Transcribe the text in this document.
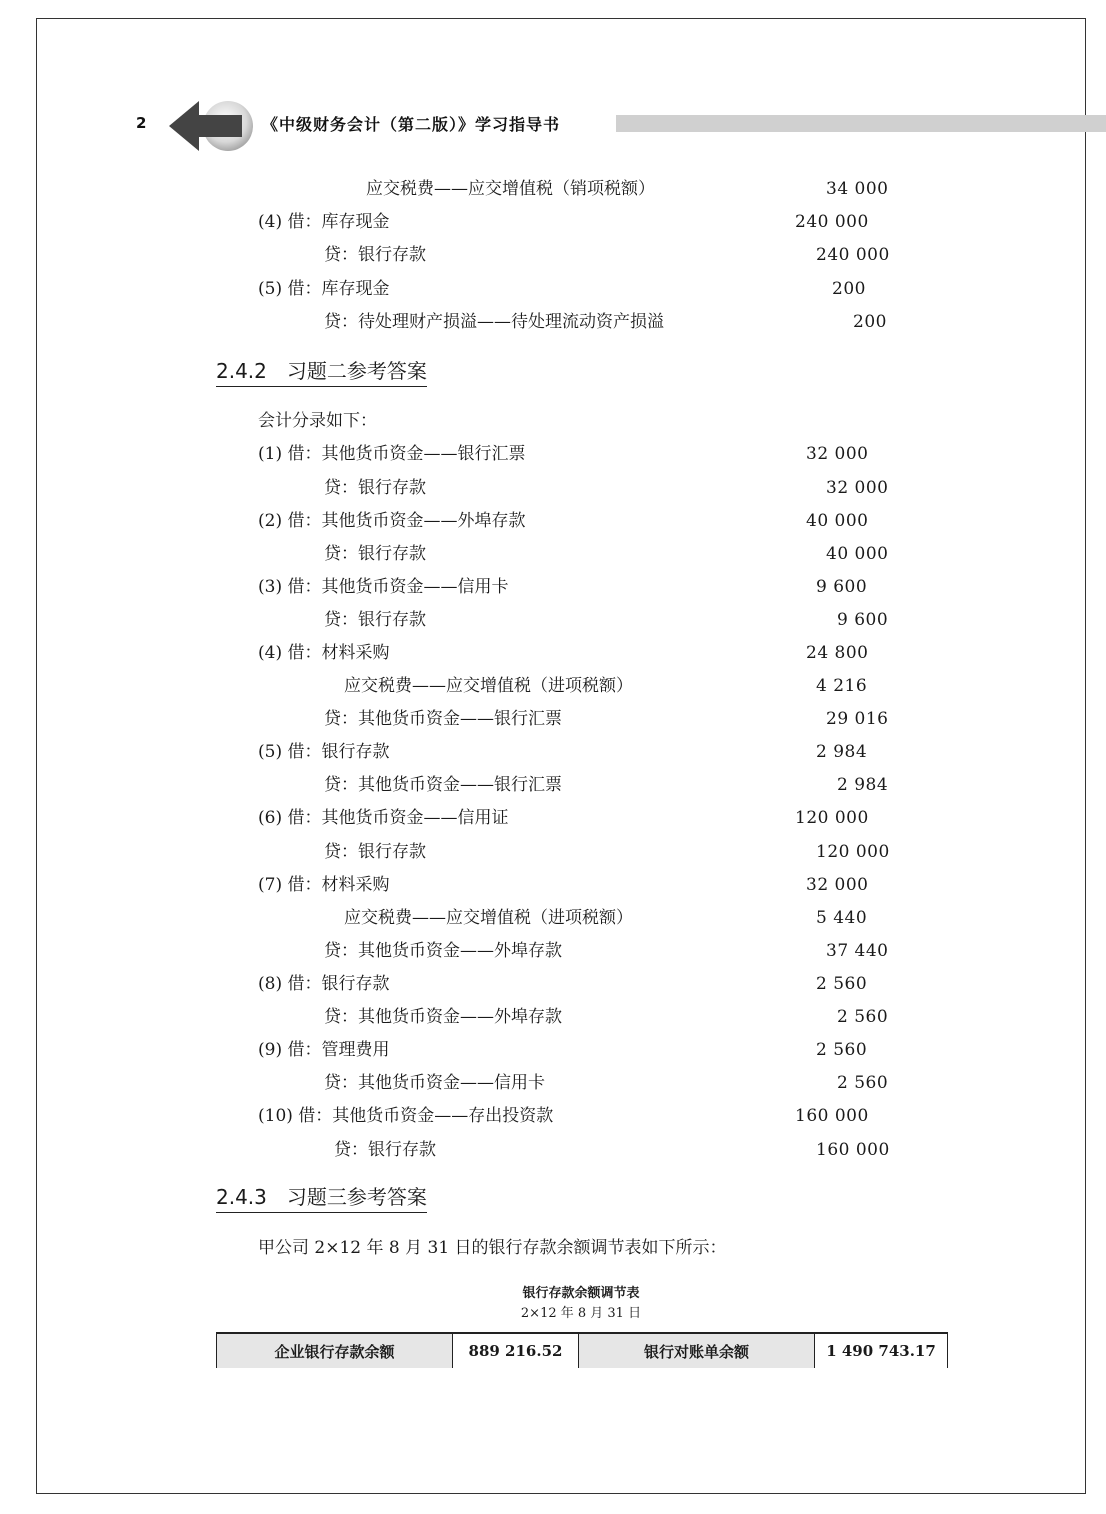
2	《中级财务会计（第二版）》学习指导书
应交税费——应交增值税（销项税额）	34 000
(4) 借：库存现金	240 000
贷：银行存款	240 000
(5) 借：库存现金	200
贷：待处理财产损溢——待处理流动资产损溢	200
2.4.2 习题二参考答案
会计分录如下：
(1) 借：其他货币资金——银行汇票	32 000
贷：银行存款	32 000
(2) 借：其他货币资金——外埠存款	40 000
贷：银行存款	40 000
(3) 借：其他货币资金——信用卡	9 600
贷：银行存款	9 600
(4) 借：材料采购	24 800
应交税费——应交增值税（进项税额）	4 216
贷：其他货币资金——银行汇票	29 016
(5) 借：银行存款	2 984
贷：其他货币资金——银行汇票	2 984
(6) 借：其他货币资金——信用证	120 000
贷：银行存款	120 000
(7) 借：材料采购	32 000
应交税费——应交增值税（进项税额）	5 440
贷：其他货币资金——外埠存款	37 440
(8) 借：银行存款	2 560
贷：其他货币资金——外埠存款	2 560
(9) 借：管理费用	2 560
贷：其他货币资金——信用卡	2 560
(10) 借：其他货币资金——存出投资款	160 000
贷：银行存款	160 000
2.4.3 习题三参考答案
甲公司 2×12 年 8 月 31 日的银行存款余额调节表如下所示：
银行存款余额调节表
2×12 年 8 月 31 日
企业银行存款余额	889 216.52	银行对账单余额	1 490 743.17
